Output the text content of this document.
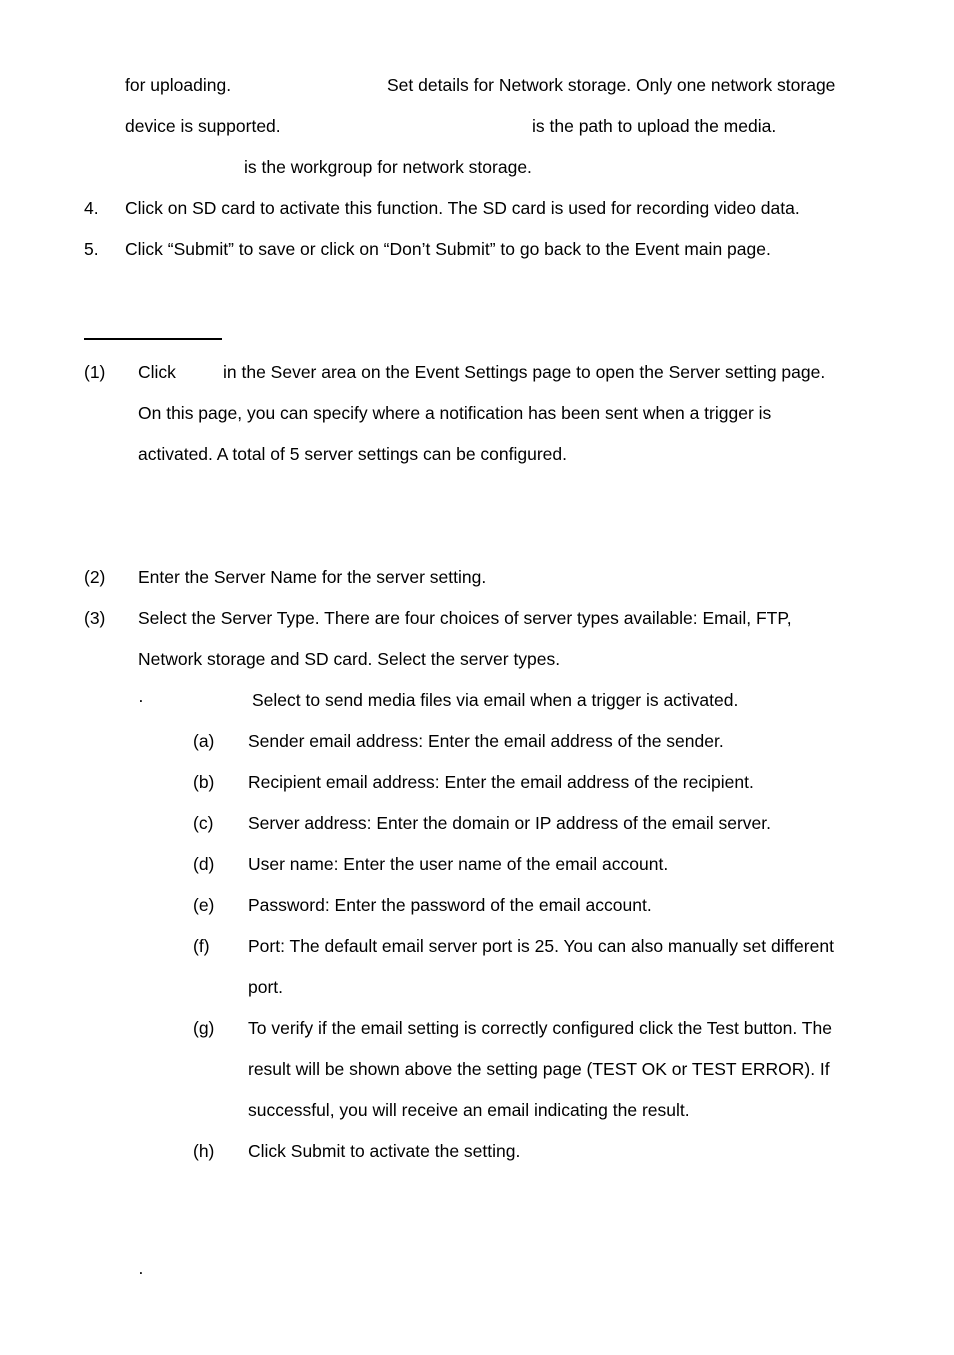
for uploading.	Set details for Network storage. Only one network storage
device is supported.	is the path to upload the media.
is the workgroup for network storage.
4. Click on SD card to activate this function. The SD card is used for recording video data.
5. Click “Submit” to save or click on “Don’t Submit” to go back to the Event main page.
(1) Click	in the Sever area on the Event Settings page to open the Server setting page.
On this page, you can specify where a notification has been sent when a trigger is
activated. A total of 5 server settings can be configured.
(2) Enter the Server Name for the server setting.
(3) Select the Server Type. There are four choices of server types available: Email, FTP,
Network storage and SD card. Select the server types.
·	Select to send media files via email when a trigger is activated.
(a) Sender email address: Enter the email address of the sender.
(b) Recipient email address: Enter the email address of the recipient.
(c) Server address: Enter the domain or IP address of the email server.
(d) User name: Enter the user name of the email account.
(e) Password: Enter the password of the email account.
(f) Port: The default email server port is 25. You can also manually set different
port.
(g) To verify if the email setting is correctly configured click the Test button. The
result will be shown above the setting page (TEST OK or TEST ERROR). If
successful, you will receive an email indicating the result.
(h) Click Submit to activate the setting.
·
